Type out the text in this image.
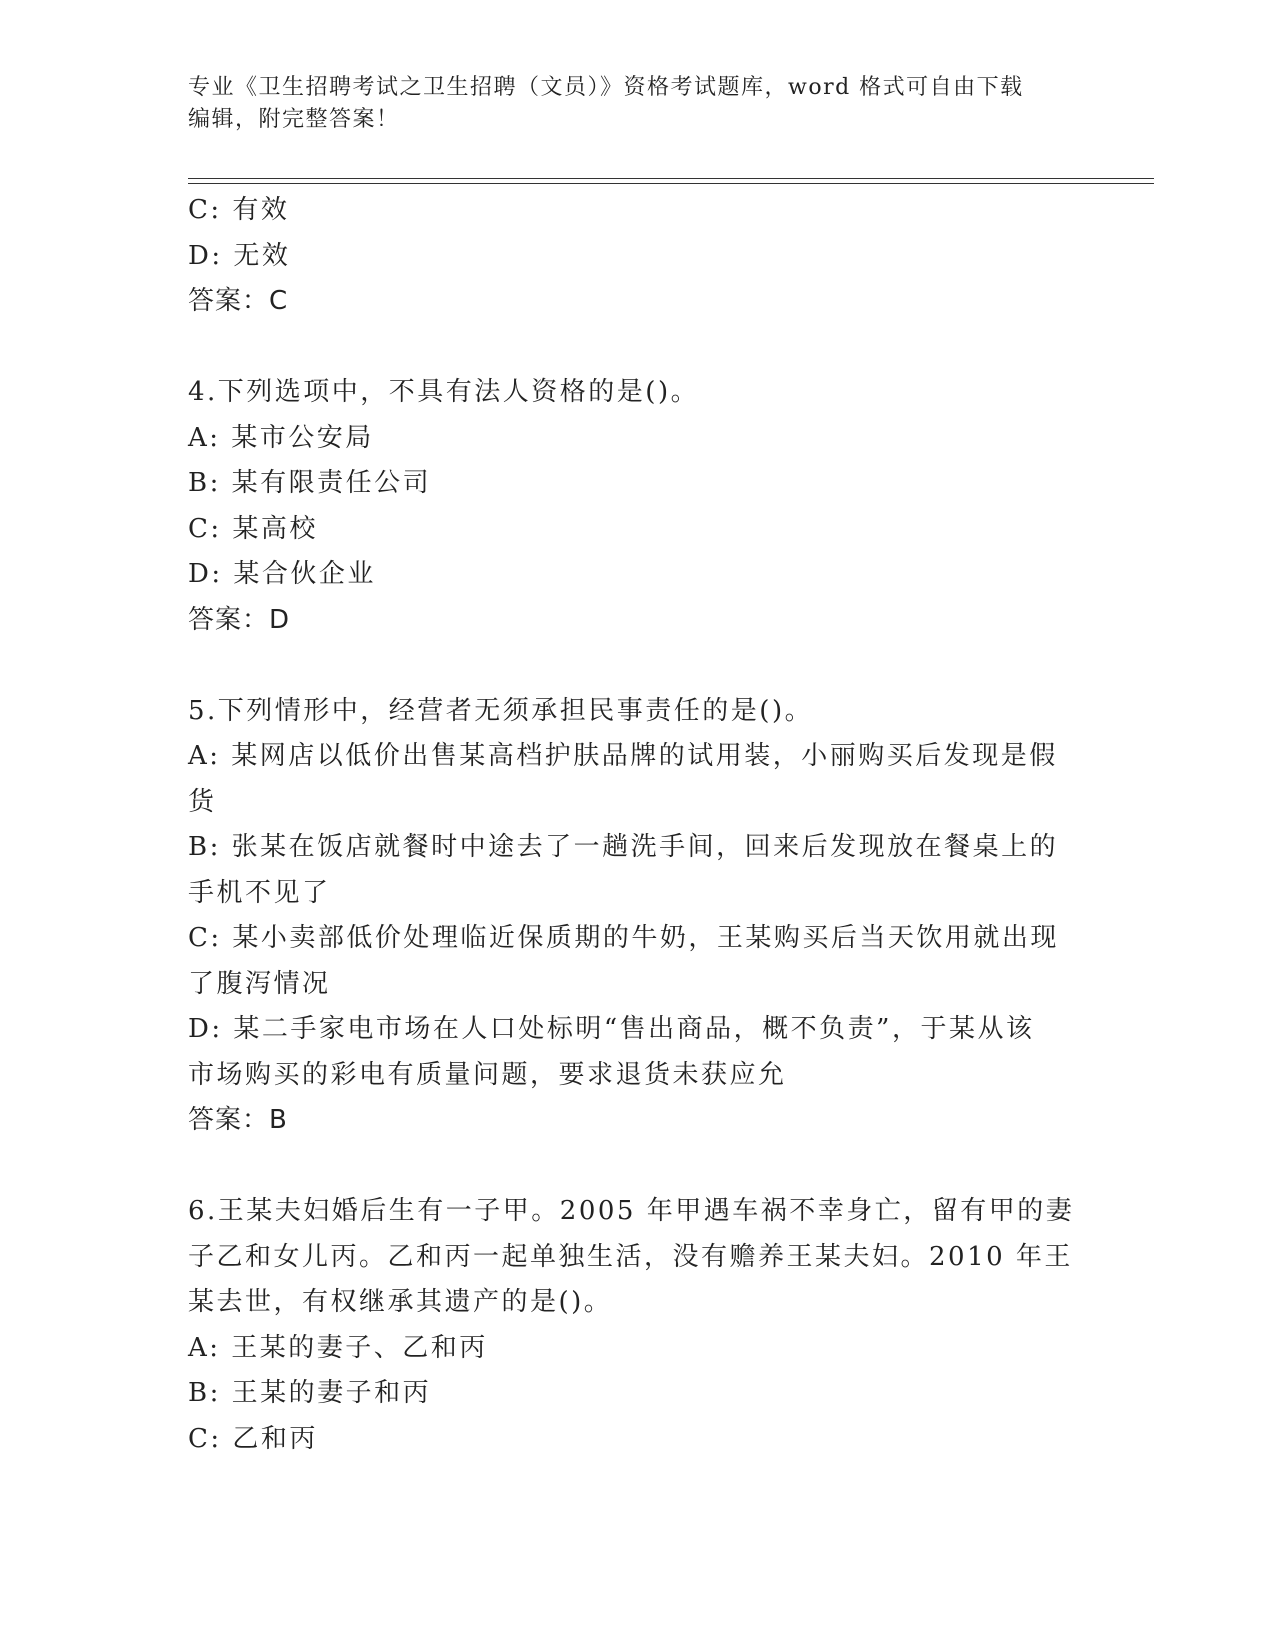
专业《卫生招聘考试之卫生招聘（文员）》资格考试题库，word 格式可自由下载
编辑，附完整答案！
C: 有效
D: 无效
答案：C
4.下列选项中，不具有法人资格的是()。
A: 某市公安局
B: 某有限责任公司
C: 某高校
D: 某合伙企业
答案：D
5.下列情形中，经营者无须承担民事责任的是()。
A: 某网店以低价出售某高档护肤品牌的试用装，小丽购买后发现是假
货
B: 张某在饭店就餐时中途去了一趟洗手间，回来后发现放在餐桌上的
手机不见了
C: 某小卖部低价处理临近保质期的牛奶，王某购买后当天饮用就出现
了腹泻情况
D: 某二手家电市场在人口处标明“售出商品，概不负责”，于某从该
市场购买的彩电有质量问题，要求退货未获应允
答案：B
6.王某夫妇婚后生有一子甲。2005 年甲遇车祸不幸身亡，留有甲的妻
子乙和女儿丙。乙和丙一起单独生活，没有赡养王某夫妇。2010 年王
某去世，有权继承其遗产的是()。
A: 王某的妻子、乙和丙
B: 王某的妻子和丙
C: 乙和丙
